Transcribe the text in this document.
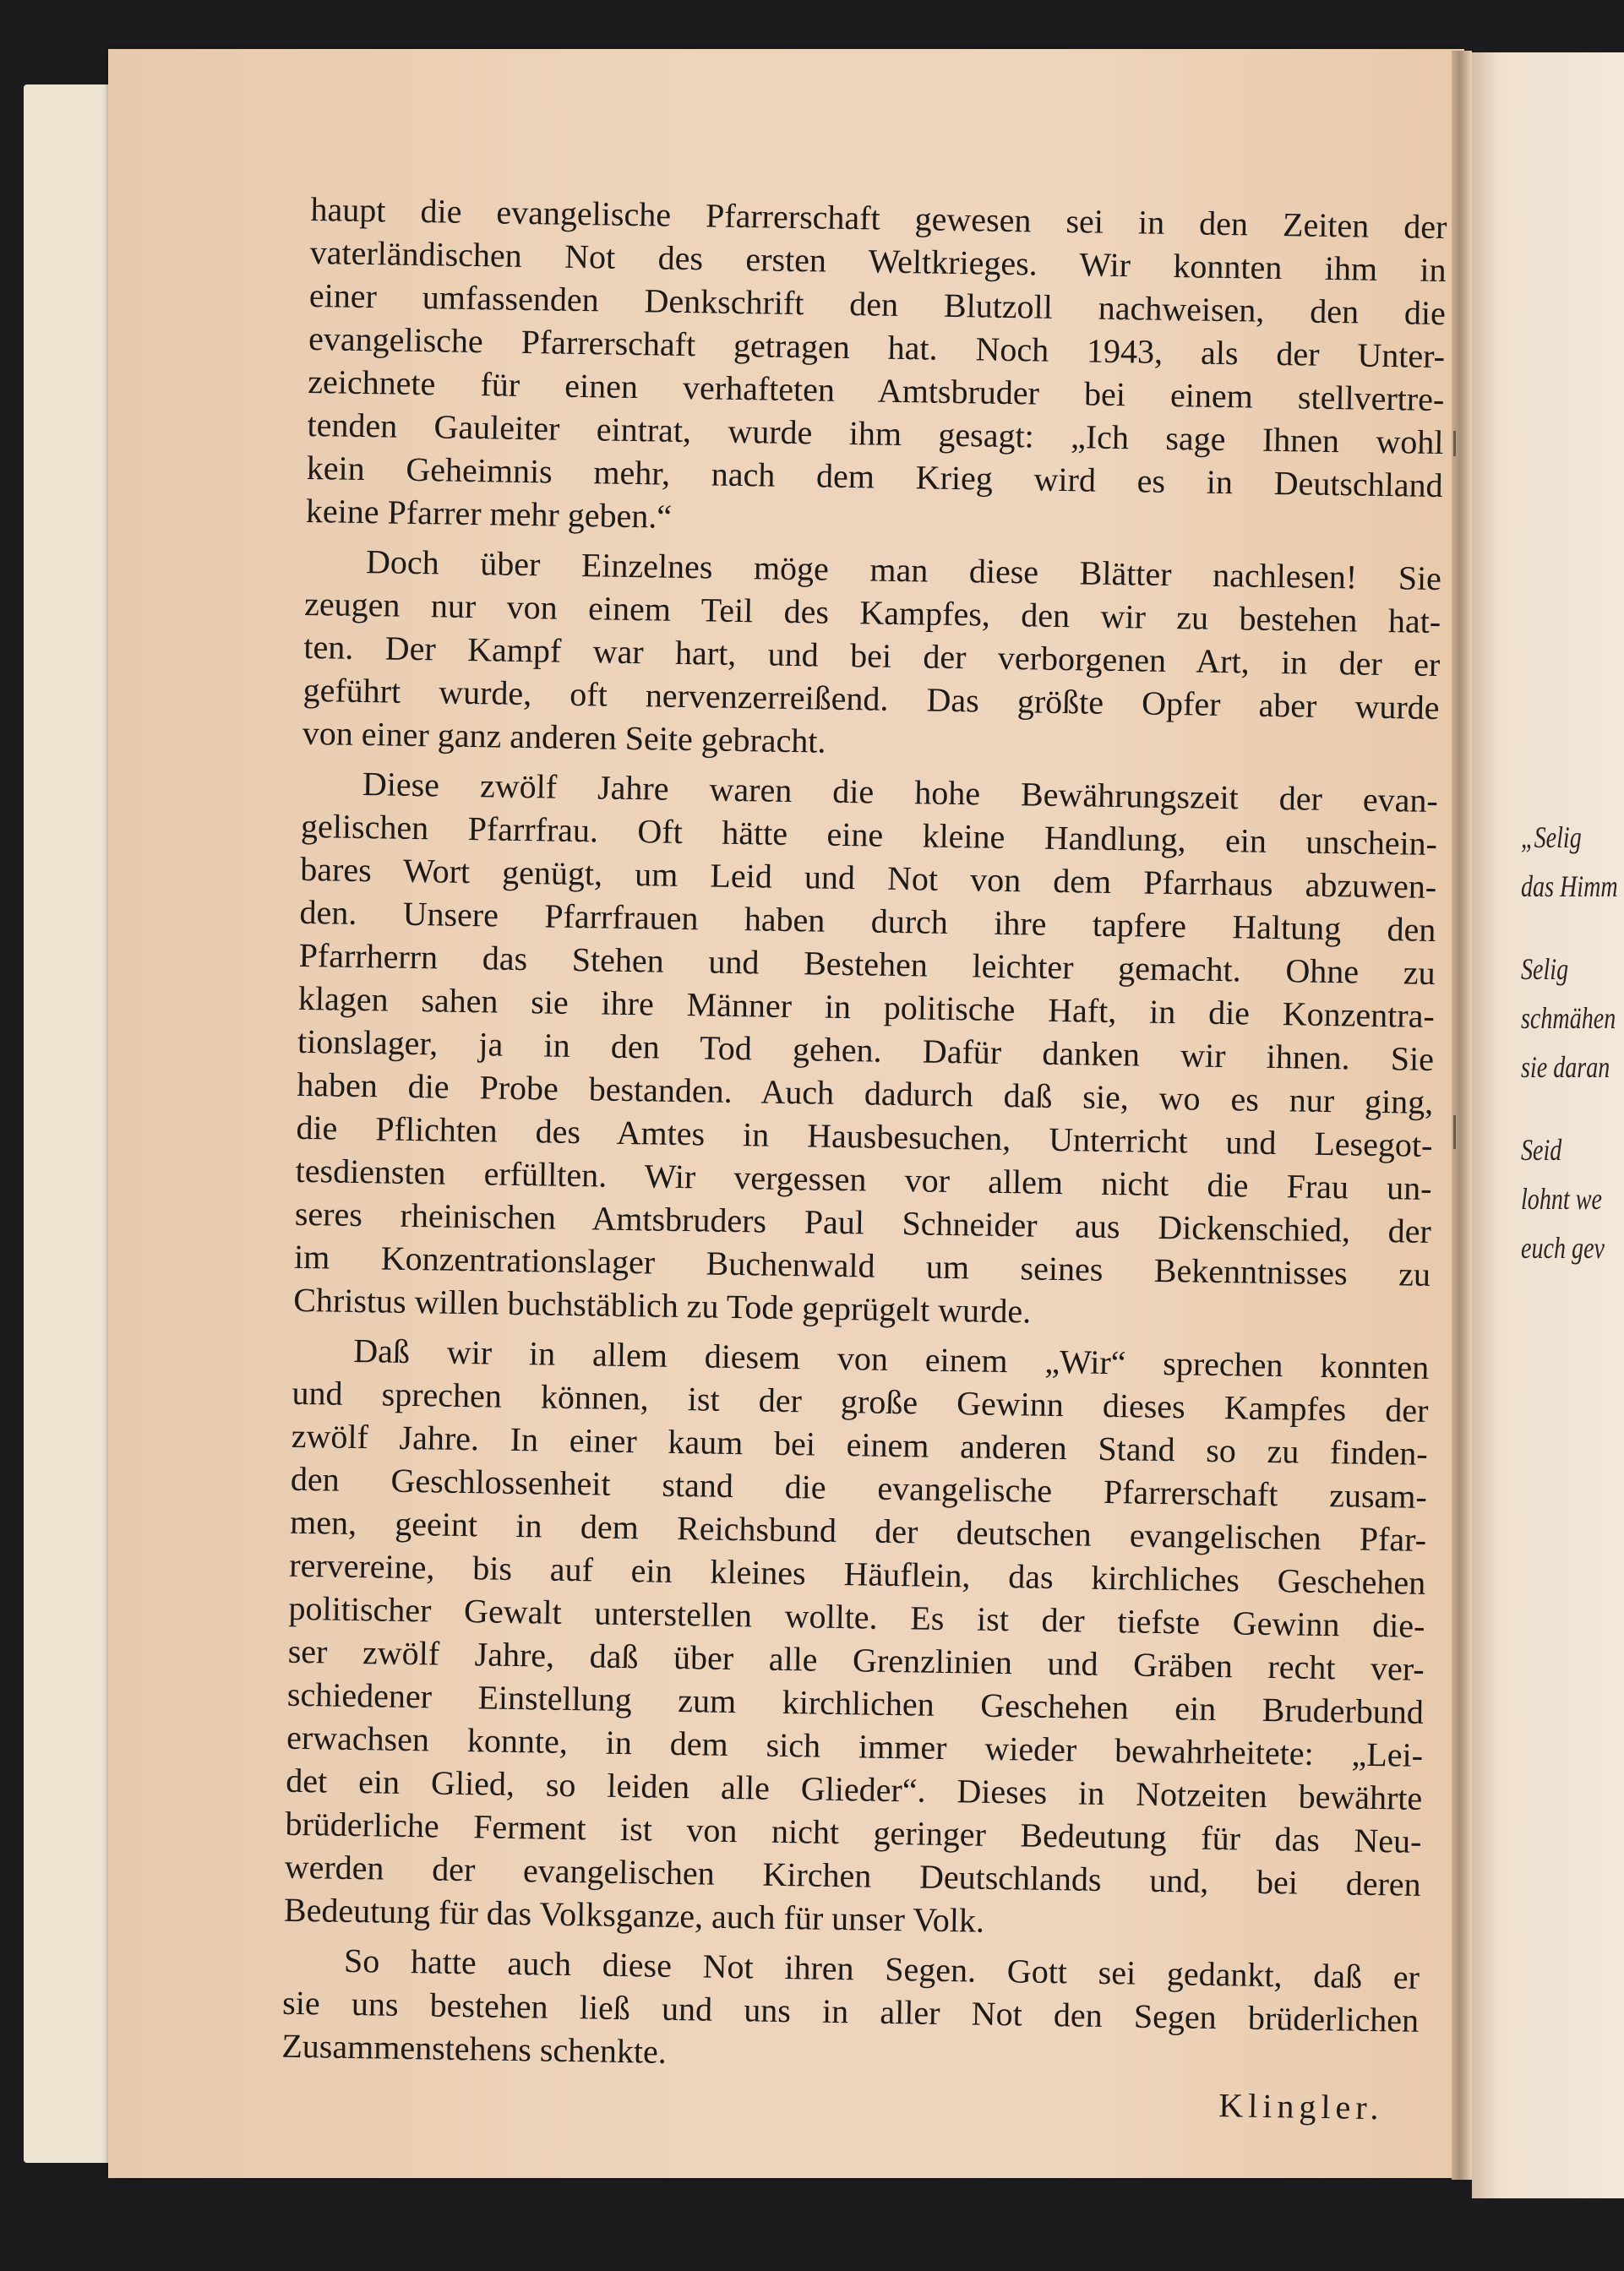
haupt die evangelische Pfarrerschaft gewesen sei in den Zeiten der
vaterländischen Not des ersten Weltkrieges. Wir konnten ihm in
einer umfassenden Denkschrift den Blutzoll nachweisen, den die
evangelische Pfarrerschaft getragen hat. Noch 1943, als der Unter-
zeichnete für einen verhafteten Amtsbruder bei einem stellvertre-
tenden Gauleiter eintrat, wurde ihm gesagt: „Ich sage Ihnen wohl
kein Geheimnis mehr, nach dem Krieg wird es in Deutschland
keine Pfarrer mehr geben.“
Doch über Einzelnes möge man diese Blätter nachlesen! Sie
zeugen nur von einem Teil des Kampfes, den wir zu bestehen hat-
ten. Der Kampf war hart, und bei der verborgenen Art, in der er
geführt wurde, oft nervenzerreißend. Das größte Opfer aber wurde
von einer ganz anderen Seite gebracht.
Diese zwölf Jahre waren die hohe Bewährungszeit der evan-
gelischen Pfarrfrau. Oft hätte eine kleine Handlung, ein unschein-
bares Wort genügt, um Leid und Not von dem Pfarrhaus abzuwen-
den. Unsere Pfarrfrauen haben durch ihre tapfere Haltung den
Pfarrherrn das Stehen und Bestehen leichter gemacht. Ohne zu
klagen sahen sie ihre Männer in politische Haft, in die Konzentra-
tionslager, ja in den Tod gehen. Dafür danken wir ihnen. Sie
haben die Probe bestanden. Auch dadurch daß sie, wo es nur ging,
die Pflichten des Amtes in Hausbesuchen, Unterricht und Lesegot-
tesdiensten erfüllten. Wir vergessen vor allem nicht die Frau un-
seres rheinischen Amtsbruders Paul Schneider aus Dickenschied, der
im Konzentrationslager Buchenwald um seines Bekenntnisses zu
Christus willen buchstäblich zu Tode geprügelt wurde.
Daß wir in allem diesem von einem „Wir“ sprechen konnten
und sprechen können, ist der große Gewinn dieses Kampfes der
zwölf Jahre. In einer kaum bei einem anderen Stand so zu finden-
den Geschlossenheit stand die evangelische Pfarrerschaft zusam-
men, geeint in dem Reichsbund der deutschen evangelischen Pfar-
rervereine, bis auf ein kleines Häuflein, das kirchliches Geschehen
politischer Gewalt unterstellen wollte. Es ist der tiefste Gewinn die-
ser zwölf Jahre, daß über alle Grenzlinien und Gräben recht ver-
schiedener Einstellung zum kirchlichen Geschehen ein Bruderbund
erwachsen konnte, in dem sich immer wieder bewahrheitete: „Lei-
det ein Glied, so leiden alle Glieder“. Dieses in Notzeiten bewährte
brüderliche Ferment ist von nicht geringer Bedeutung für das Neu-
werden der evangelischen Kirchen Deutschlands und, bei deren
Bedeutung für das Volksganze, auch für unser Volk.
So hatte auch diese Not ihren Segen. Gott sei gedankt, daß er
sie uns bestehen ließ und uns in aller Not den Segen brüderlichen
Zusammenstehens schenkte.
Klingler.
„Selig
das Himm
Selig
schmähen
sie daran
Seid
lohnt we
euch gev
